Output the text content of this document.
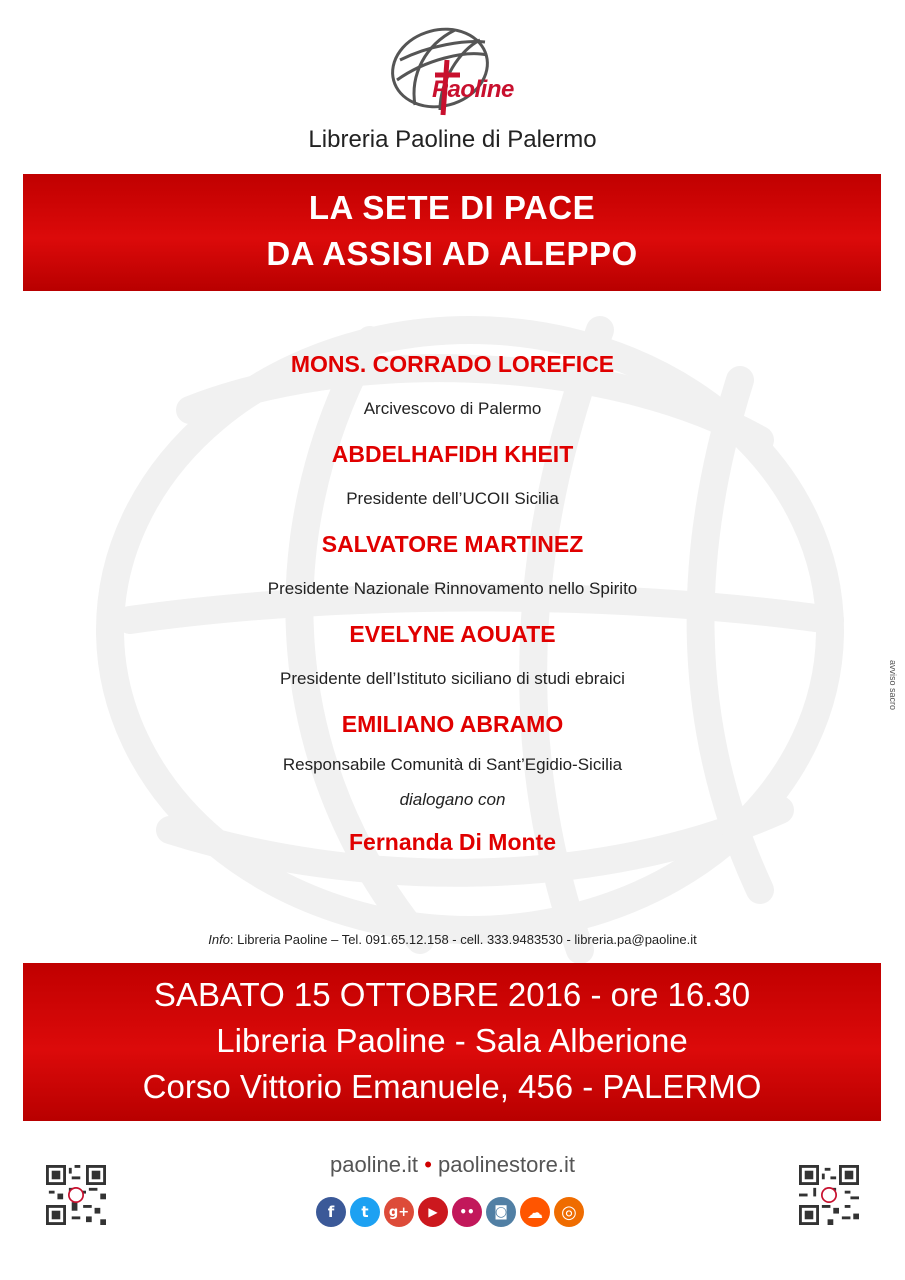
Paoline
Libreria Paoline di Palermo
LA SETE DI PACE
DA ASSISI AD ALEPPO
MONS. CORRADO LOREFICE
Arcivescovo di Palermo
ABDELHAFIDH KHEIT
Presidente dell’UCOII Sicilia
SALVATORE MARTINEZ
Presidente Nazionale Rinnovamento nello Spirito
EVELYNE AOUATE
Presidente dell’Istituto siciliano di studi ebraici
EMILIANO ABRAMO
Responsabile Comunità di Sant’Egidio-Sicilia
dialogano con
Fernanda Di Monte
Info: Libreria Paoline – Tel. 091.65.12.158 - cell. 333.9483530 - libreria.pa@paoline.it
SABATO 15 OTTOBRE 2016 - ore 16.30
Libreria Paoline - Sala Alberione
Corso Vittorio Emanuele, 456 - PALERMO
paoline.it • paolinestore.it
f	t	g+	▶	••	◙	☁	◎
avviso sacro
